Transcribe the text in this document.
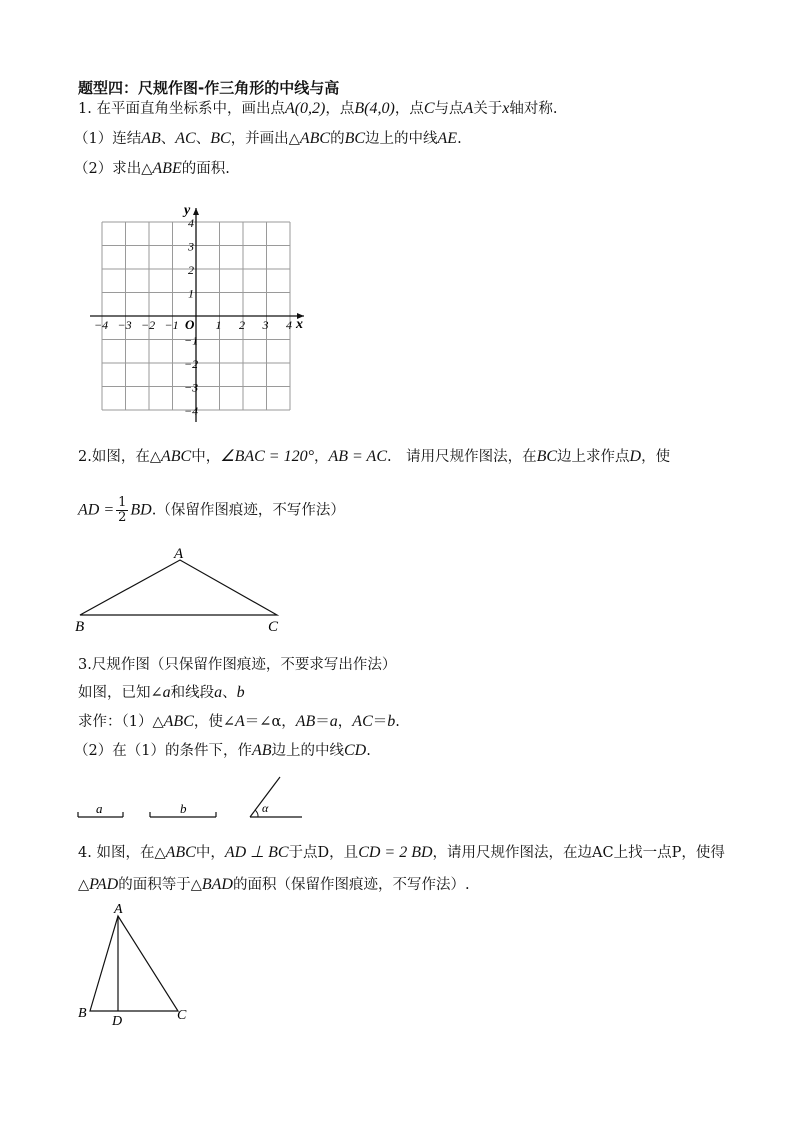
题型四：尺规作图-作三角形的中线与高
1. 在平面直角坐标系中，画出点A(0,2)，点B(4,0)，点C与点A关于x轴对称.
（1）连结AB、AC、BC，并画出△ABC的BC边上的中线AE.
（2）求出△ABE的面积.
−4 −3 −2 −1	1 2 3 4
4
3
2
1
−1
−2
−3
−4
O	x
y
2.如图，在△ABC中，∠BAC = 120°，AB = AC.　请用尺规作图法，在BC边上求作点D，使
AD = $\frac{1}{2} BD$.（保留作图痕迹，不写作法）
A
B	C
3.尺规作图（只保留作图痕迹，不要求写出作法）
如图，已知∠a和线段a、b
求作：（1）△ABC，使∠A＝∠α，AB＝a，AC＝b.
（2）在（1）的条件下，作AB边上的中线CD.
a	b	α
4. 如图，在△ABC中，AD ⊥ BC于点D，且CD = 2 BD，请用尺规作图法，在边AC上找一点P，使得
△PAD的面积等于△BAD的面积（保留作图痕迹，不写作法）.
A
B
D	C
